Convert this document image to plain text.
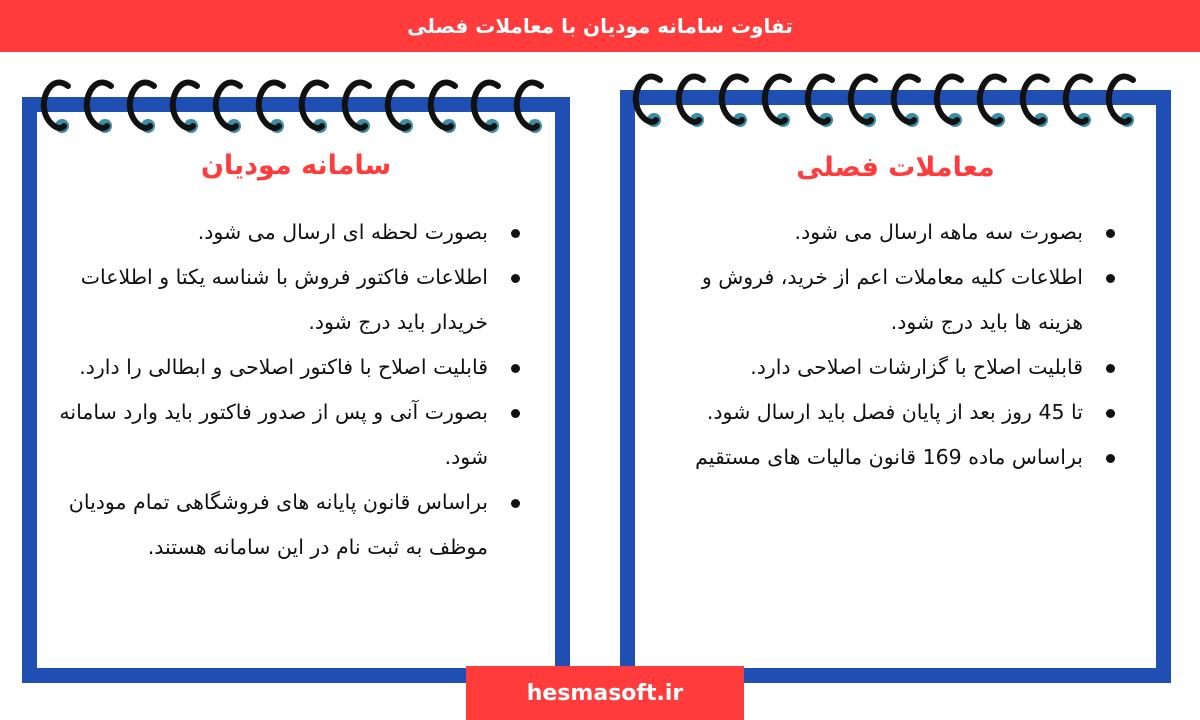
تفاوت سامانه مودیان با معاملات فصلی
سامانه مودیان
بصورت لحظه ای ارسال می شود.
اطلاعات فاکتور فروش با شناسه یکتا و اطلاعات خریدار باید درج شود.
قابلیت اصلاح با فاکتور اصلاحی و ابطالی را دارد.
بصورت آنی و پس از صدور فاکتور باید وارد سامانه شود.
براساس قانون پایانه های فروشگاهی تمام مودیان موظف به ثبت نام در این سامانه هستند.
معاملات فصلی
بصورت سه ماهه ارسال می شود.
اطلاعات کلیه معاملات اعم از خرید، فروش و هزینه ها باید درج شود.
قابلیت اصلاح با گزارشات اصلاحی دارد.
تا 45 روز بعد از پایان فصل باید ارسال شود.
براساس ماده 169 قانون مالیات های مستقیم
hesmasoft.ir
